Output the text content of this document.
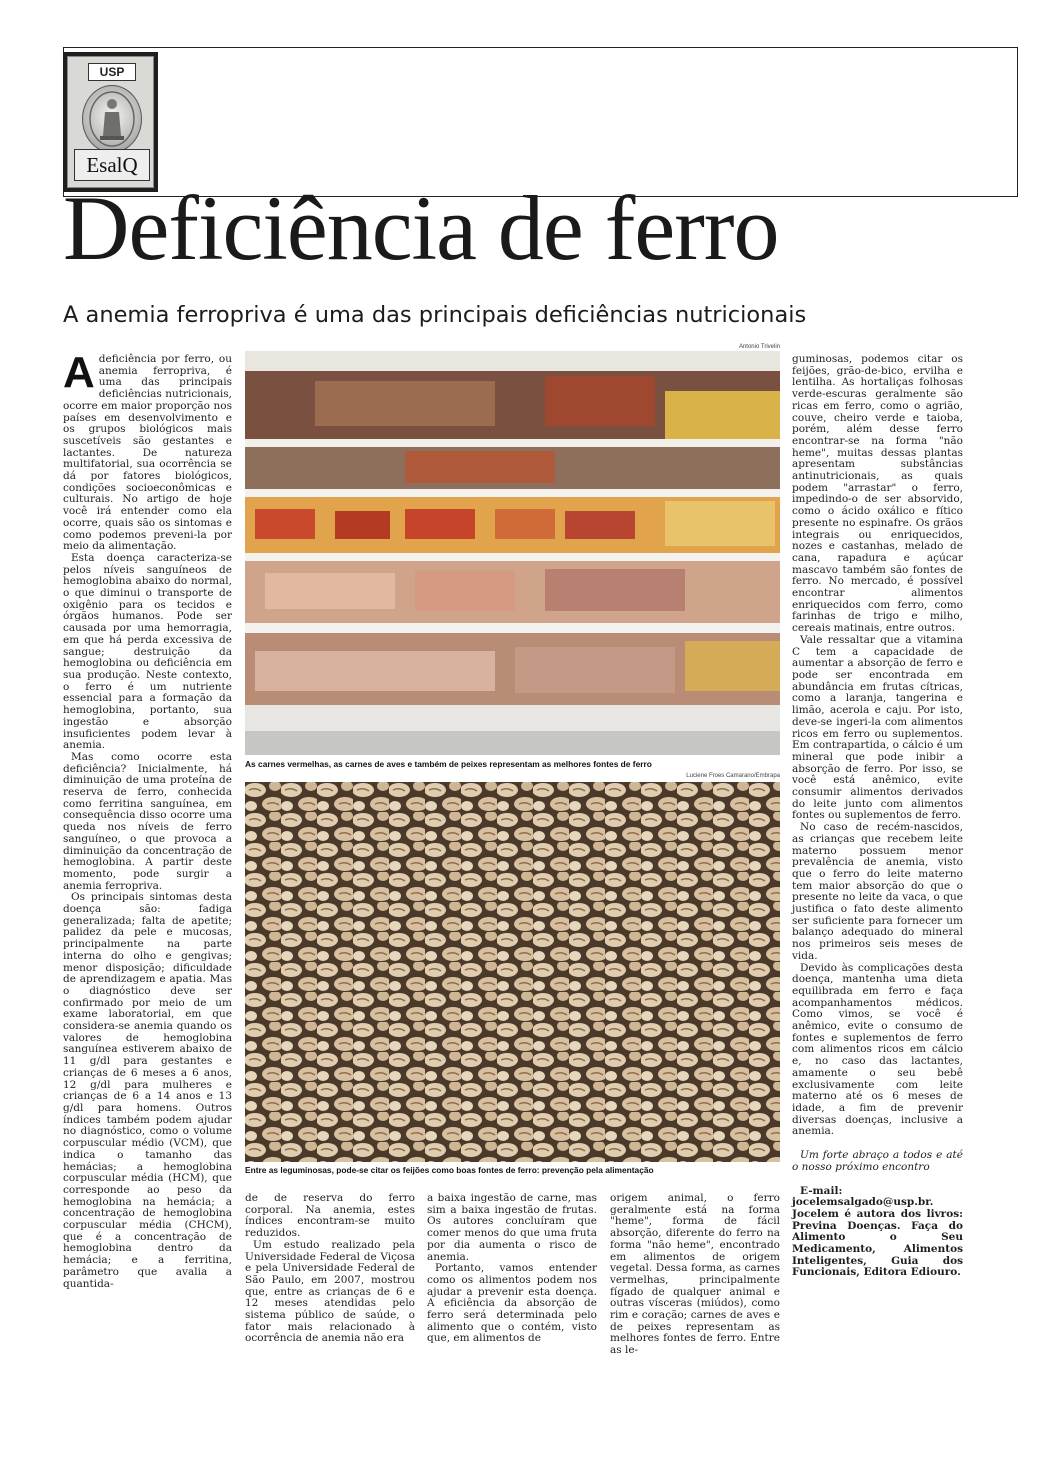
USP
EsalQ
Deficiência de ferro
A anemia ferropriva é uma das principais deficiências nutricionais

Adeficiência por ferro, ou anemia ferropriva, é uma das principais deficiências nutricionais, ocorre em maior proporção nos países em desenvolvimento e os grupos biológicos mais suscetíveis são gestantes e lactantes. De natureza multifatorial, sua ocorrência se dá por fatores biológicos, condições socioeconômicas e culturais. No artigo de hoje você irá entender como ela ocorre, quais são os sintomas e como podemos preveni-la por meio da alimentação.

Esta doença caracteriza-se pelos níveis sanguíneos de hemoglobina abaixo do normal, o que diminui o transporte de oxigênio para os tecidos e órgãos humanos. Pode ser causada por uma hemorragia, em que há perda excessiva de sangue; destruição da hemoglobina ou deficiência em sua produção. Neste contexto, o ferro é um nutriente essencial para a formação da hemoglobina, portanto, sua ingestão e absorção insuficientes podem levar à anemia.

Mas como ocorre esta deficiência? Inicialmente, há diminuição de uma proteína de reserva de ferro, conhecida como ferritina sanguínea, em consequência disso ocorre uma queda nos níveis de ferro sanguíneo, o que provoca a diminuição da concentração de hemoglobina. A partir deste momento, pode surgir a anemia ferropriva.

Os principais sintomas desta doença são: fadiga generalizada; falta de apetite; palidez da pele e mucosas, principalmente na parte interna do olho e gengivas; menor disposição; dificuldade de aprendizagem e apatia. Mas o diagnóstico deve ser confirmado por meio de um exame laboratorial, em que considera-se anemia quando os valores de hemoglobina sanguínea estiverem abaixo de 11 g/dl para gestantes e crianças de 6 meses a 6 anos, 12 g/dl para mulheres e crianças de 6 a 14 anos e 13 g/dl para homens. Outros índices também podem ajudar no diagnóstico, como o volume corpuscular médio (VCM), que indica o tamanho das hemácias; a hemoglobina corpuscular média (HCM), que corresponde ao peso da hemoglobina na hemácia; a concentração de hemoglobina corpuscular média (CHCM), que é a concentração de hemoglobina dentro da hemácia; e a ferritina, parâmetro que avalia a quantida-

Antonio Trivelin

As carnes vermelhas, as carnes de aves e também de peixes representam as melhores fontes de ferro

Luciene Froes Camarano/Embrapa

Entre as leguminosas, pode-se citar os feijões como boas fontes de ferro: prevenção pela alimentação

de de reserva do ferro corporal. Na anemia, estes índices encontram-se muito reduzidos.

Um estudo realizado pela Universidade Federal de Viçosa e pela Universidade Federal de São Paulo, em 2007, mostrou que, entre as crianças de 6 e 12 meses atendidas pelo sistema público de saúde, o fator mais relacionado à ocorrência de anemia não era

a baixa ingestão de carne, mas sim a baixa ingestão de frutas. Os autores concluíram que comer menos do que uma fruta por dia aumenta o risco de anemia.

Portanto, vamos entender como os alimentos podem nos ajudar a prevenir esta doença. A eficiência da absorção de ferro será determinada pelo alimento que o contém, visto que, em alimentos de

origem animal, o ferro geralmente está na forma "heme", forma de fácil absorção, diferente do ferro na forma "não heme", encontrado em alimentos de origem vegetal. Dessa forma, as carnes vermelhas, principalmente fígado de qualquer animal e outras vísceras (miúdos), como rim e coração; carnes de aves e de peixes representam as melhores fontes de ferro. Entre as le-

guminosas, podemos citar os feijões, grão-de-bico, ervilha e lentilha. As hortaliças folhosas verde-escuras geralmente são ricas em ferro, como o agrião, couve, cheiro verde e taioba, porém, além desse ferro encontrar-se na forma "não heme", muitas dessas plantas apresentam substâncias antinutricionais, as quais podem "arrastar" o ferro, impedindo-o de ser absorvido, como o ácido oxálico e fítico presente no espinafre. Os grãos integrais ou enriquecidos, nozes e castanhas, melado de cana, rapadura e açúcar mascavo também são fontes de ferro. No mercado, é possível encontrar alimentos enriquecidos com ferro, como farinhas de trigo e milho, cereais matinais, entre outros.

Vale ressaltar que a vitamina C tem a capacidade de aumentar a absorção de ferro e pode ser encontrada em abundância em frutas cítricas, como a laranja, tangerina e limão, acerola e caju. Por isto, deve-se ingeri-la com alimentos ricos em ferro ou suplementos. Em contrapartida, o cálcio é um mineral que pode inibir a absorção de ferro. Por isso, se você está anêmico, evite consumir alimentos derivados do leite junto com alimentos fontes ou suplementos de ferro.

No caso de recém-nascidos, as crianças que recebem leite materno possuem menor prevalência de anemia, visto que o ferro do leite materno tem maior absorção do que o presente no leite da vaca, o que justifica o fato deste alimento ser suficiente para fornecer um balanço adequado do mineral nos primeiros seis meses de vida.

Devido às complicações desta doença, mantenha uma dieta equilibrada em ferro e faça acompanhamentos médicos. Como vimos, se você é anêmico, evite o consumo de fontes e suplementos de ferro com alimentos ricos em cálcio e, no caso das lactantes, amamente o seu bebê exclusivamente com leite materno até os 6 meses de idade, a fim de prevenir diversas doenças, inclusive a anemia.

Um forte abraço a todos e até o nosso próximo encontro

E-mail: jocelemsalgado@usp.br. Jocelem é autora dos livros: Previna Doenças. Faça do Alimento o Seu Medicamento, Alimentos Inteligentes, Guia dos Funcionais, Editora Ediouro.
